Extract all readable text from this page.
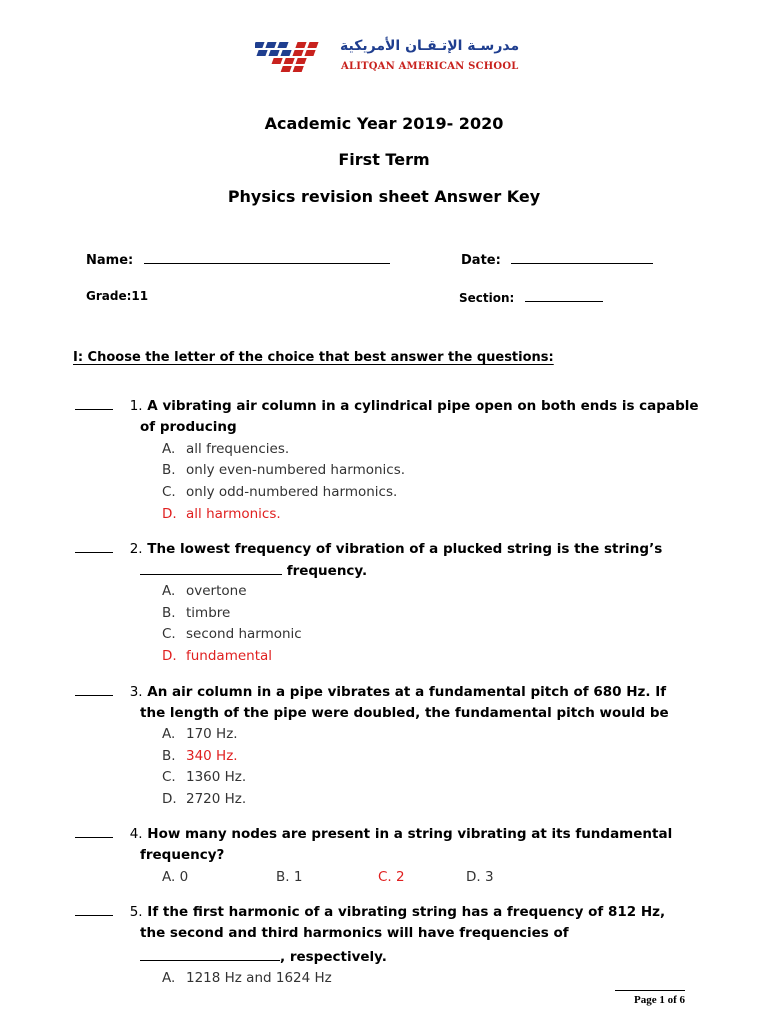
مدرسـة الإتـقـان الأمريكية
ALITQAN AMERICAN SCHOOL
Academic Year 2019- 2020
First Term
Physics revision sheet Answer Key
Name:	Date:
Grade:11	Section:
I: Choose the letter of the choice that best answer the questions:
1. A vibrating air column in a cylindrical pipe open on both ends is capable
of producing
A. all frequencies.
B. only even-numbered harmonics.
C. only odd-numbered harmonics.
D. all harmonics.
2. The lowest frequency of vibration of a plucked string is the string’s
frequency.
A. overtone
B. timbre
C. second harmonic
D. fundamental
3. An air column in a pipe vibrates at a fundamental pitch of 680 Hz. If
the length of the pipe were doubled, the fundamental pitch would be
A. 170 Hz.
B. 340 Hz.
C. 1360 Hz.
D. 2720 Hz.
4. How many nodes are present in a string vibrating at its fundamental
frequency?
A. 0	B. 1	C. 2	D. 3
5. If the first harmonic of a vibrating string has a frequency of 812 Hz,
the second and third harmonics will have frequencies of
, respectively.
A. 1218 Hz and 1624 Hz
Page 1 of 6
